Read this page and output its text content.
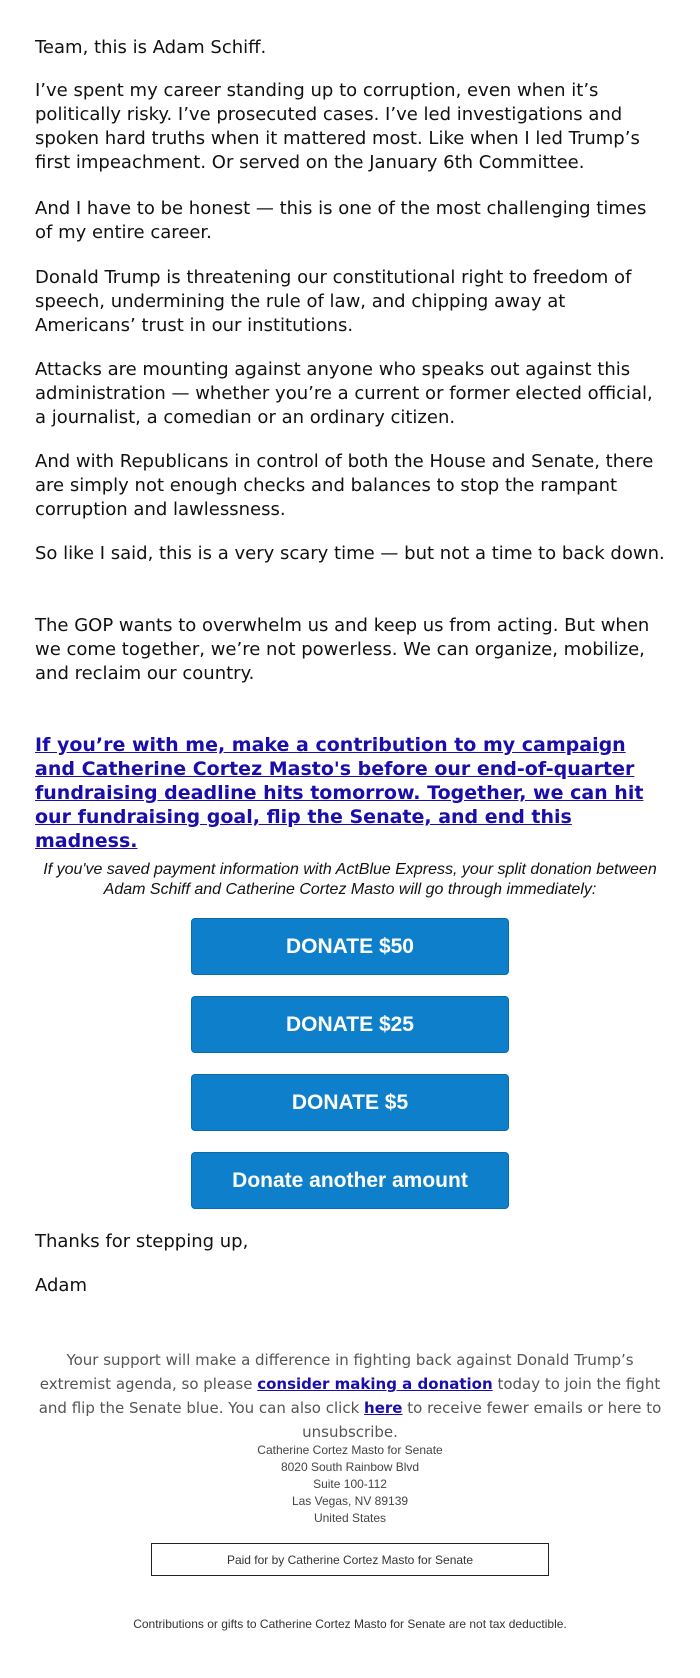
Team, this is Adam Schiff.

I’ve spent my career standing up to corruption, even when it’s politically risky. I’ve prosecuted cases. I’ve led investigations and spoken hard truths when it mattered most. Like when I led Trump’s first impeachment. Or served on the January 6th Committee.

And I have to be honest — this is one of the most challenging times of my entire career.

Donald Trump is threatening our constitutional right to freedom of speech, undermining the rule of law, and chipping away at Americans’ trust in our institutions.

Attacks are mounting against anyone who speaks out against this administration — whether you’re a current or former elected official, a journalist, a comedian or an ordinary citizen.

And with Republicans in control of both the House and Senate, there are simply not enough checks and balances to stop the rampant corruption and lawlessness.

So like I said, this is a very scary time — but not a time to back down.

The GOP wants to overwhelm us and keep us from acting. But when we come together, we’re not powerless. We can organize, mobilize, and reclaim our country.

If you’re with me, make a contribution to my campaign and Catherine Cortez Masto's before our end-of-quarter fundraising deadline hits tomorrow. Together, we can hit our fundraising goal, flip the Senate, and end this madness.
If you've saved payment information with ActBlue Express, your split donation between Adam Schiff and Catherine Cortez Masto will go through immediately:
DONATE $50
DONATE $25
DONATE $5
Donate another amount

Thanks for stepping up,

Adam

Your support will make a difference in fighting back against Donald Trump’s extremist agenda, so please consider making a donation today to join the fight and flip the Senate blue. You can also click here to receive fewer emails or here to unsubscribe.
Catherine Cortez Masto for Senate
8020 South Rainbow Blvd
Suite 100-112
Las Vegas, NV 89139
United States
Paid for by Catherine Cortez Masto for Senate
Contributions or gifts to Catherine Cortez Masto for Senate are not tax deductible.
